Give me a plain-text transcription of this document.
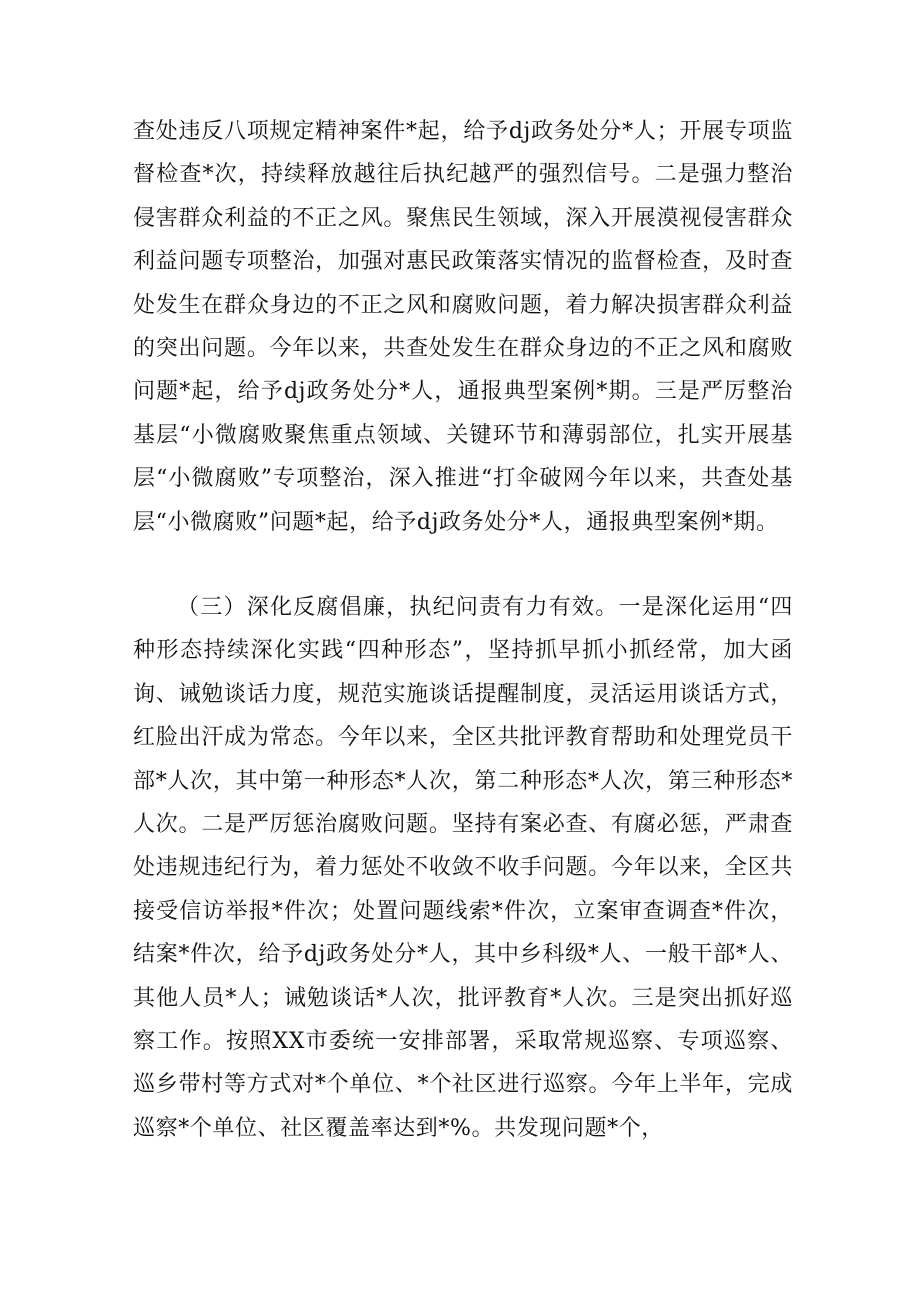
查处违反八项规定精神案件*起，给予dj政务处分*人；开展专项监督检查*次，持续释放越往后执纪越严的强烈信号。二是强力整治侵害群众利益的不正之风。聚焦民生领域，深入开展漠视侵害群众利益问题专项整治，加强对惠民政策落实情况的监督检查，及时查处发生在群众身边的不正之风和腐败问题，着力解决损害群众利益的突出问题。今年以来，共查处发生在群众身边的不正之风和腐败问题*起，给予dj政务处分*人，通报典型案例*期。三是严厉整治基层“小微腐败聚焦重点领域、关键环节和薄弱部位，扎实开展基层“小微腐败”专项整治，深入推进“打伞破网今年以来，共查处基层“小微腐败”问题*起，给予dj政务处分*人，通报典型案例*期。

（三）深化反腐倡廉，执纪问责有力有效。一是深化运用“四种形态持续深化实践“四种形态”，坚持抓早抓小抓经常，加大函询、诫勉谈话力度，规范实施谈话提醒制度，灵活运用谈话方式，红脸出汗成为常态。今年以来，全区共批评教育帮助和处理党员干部*人次，其中第一种形态*人次，第二种形态*人次，第三种形态*人次。二是严厉惩治腐败问题。坚持有案必查、有腐必惩，严肃查处违规违纪行为，着力惩处不收敛不收手问题。今年以来，全区共接受信访举报*件次；处置问题线索*件次，立案审查调查*件次，结案*件次，给予dj政务处分*人，其中乡科级*人、一般干部*人、其他人员*人；诫勉谈话*人次，批评教育*人次。三是突出抓好巡察工作。按照XX市委统一安排部署，采取常规巡察、专项巡察、巡乡带村等方式对*个单位、*个社区进行巡察。今年上半年，完成巡察*个单位、社区覆盖率达到*%。共发现问题*个，
